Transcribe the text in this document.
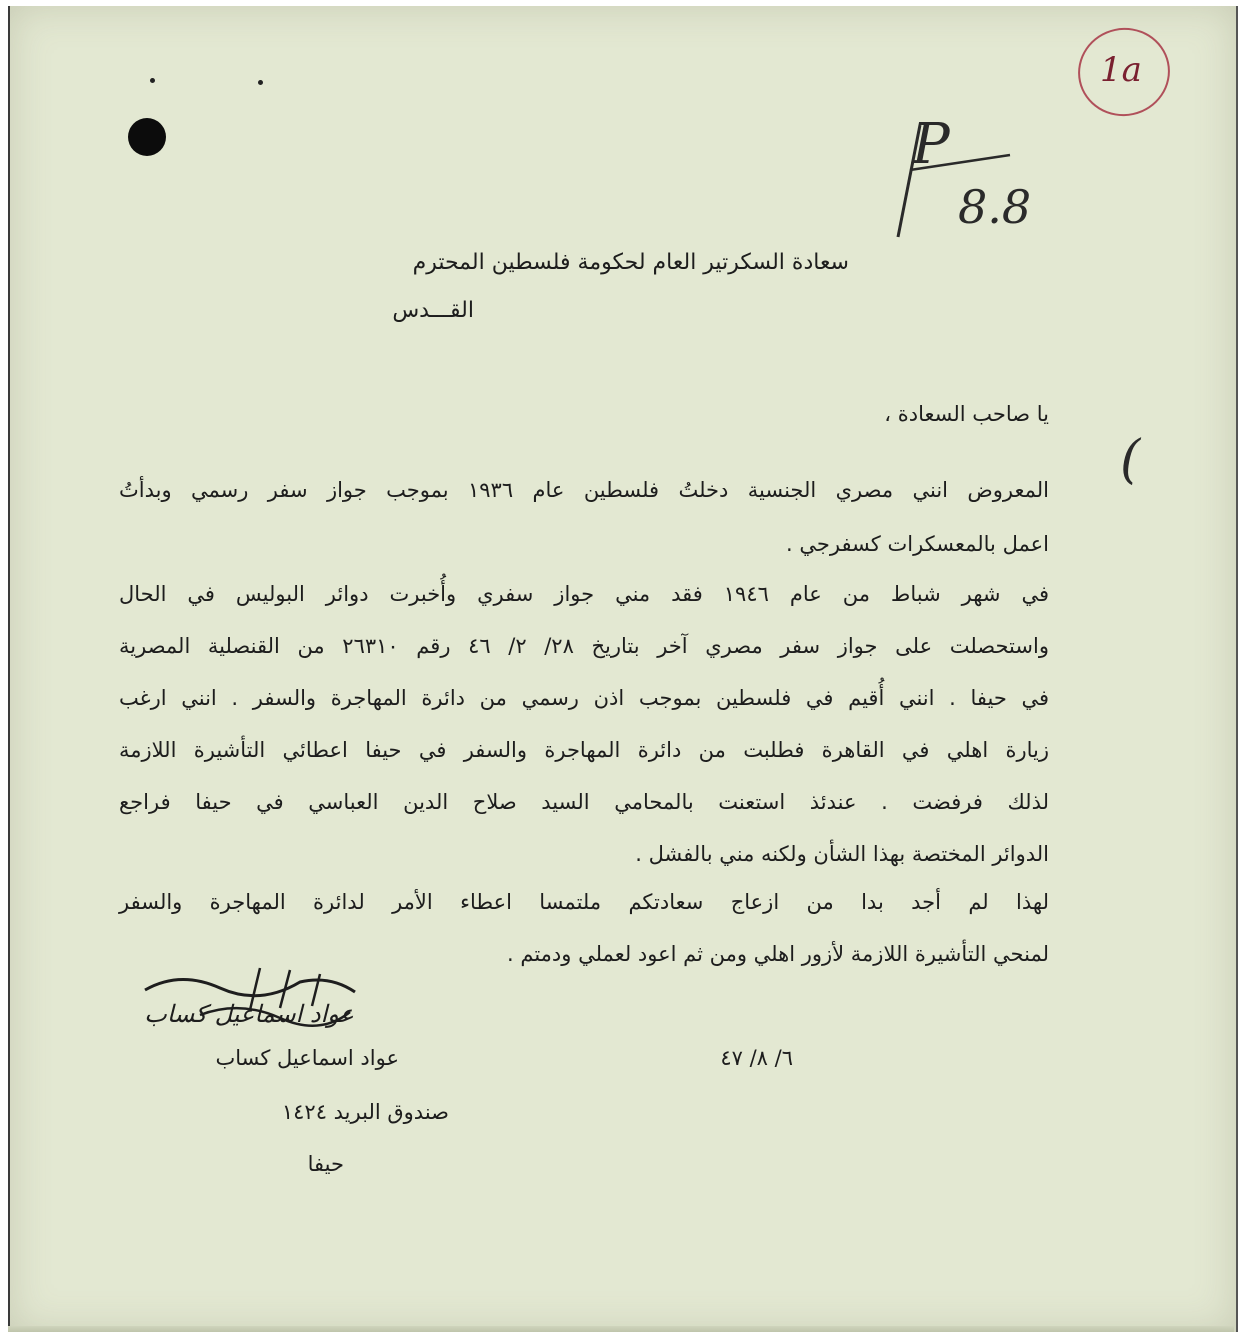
1a
P
8.8
سعادة السكرتير العام لحكومة فلسطين المحترم
القـــدس
يا صاحب السعادة ،
(
المعروض انني مصري الجنسية دخلتُ فلسطين عام ١٩٣٦ بموجب جواز سفر رسمي وبدأتُ
اعمل بالمعسكرات كسفرجي .
في شهر شباط من عام ١٩٤٦ فقد مني جواز سفري وأُخبرت دوائر البوليس في الحال
واستحصلت على جواز سفر مصري آخر بتاريخ ٢٨/ ٢/ ٤٦ رقم ٢٦٣١٠ من القنصلية المصرية
في حيفا . انني أُقيم في فلسطين بموجب اذن رسمي من دائرة المهاجرة والسفر . انني ارغب
زيارة اهلي في القاهرة فطلبت من دائرة المهاجرة والسفر في حيفا اعطائي التأشيرة اللازمة
لذلك فرفضت . عندئذ استعنت بالمحامي السيد صلاح الدين العباسي في حيفا فراجع
الدوائر المختصة بهذا الشأن ولكنه مني بالفشل .
لهذا لم أجد بدا من ازعاج سعادتكم ملتمسا اعطاء الأمر لدائرة المهاجرة والسفر
لمنحي التأشيرة اللازمة لأزور اهلي ومن ثم اعود لعملي ودمتم .
عواد اسماعيل كساب
عواد اسماعيل كساب	٦/ ٨/ ٤٧
صندوق البريد ١٤٢٤
حيفا
